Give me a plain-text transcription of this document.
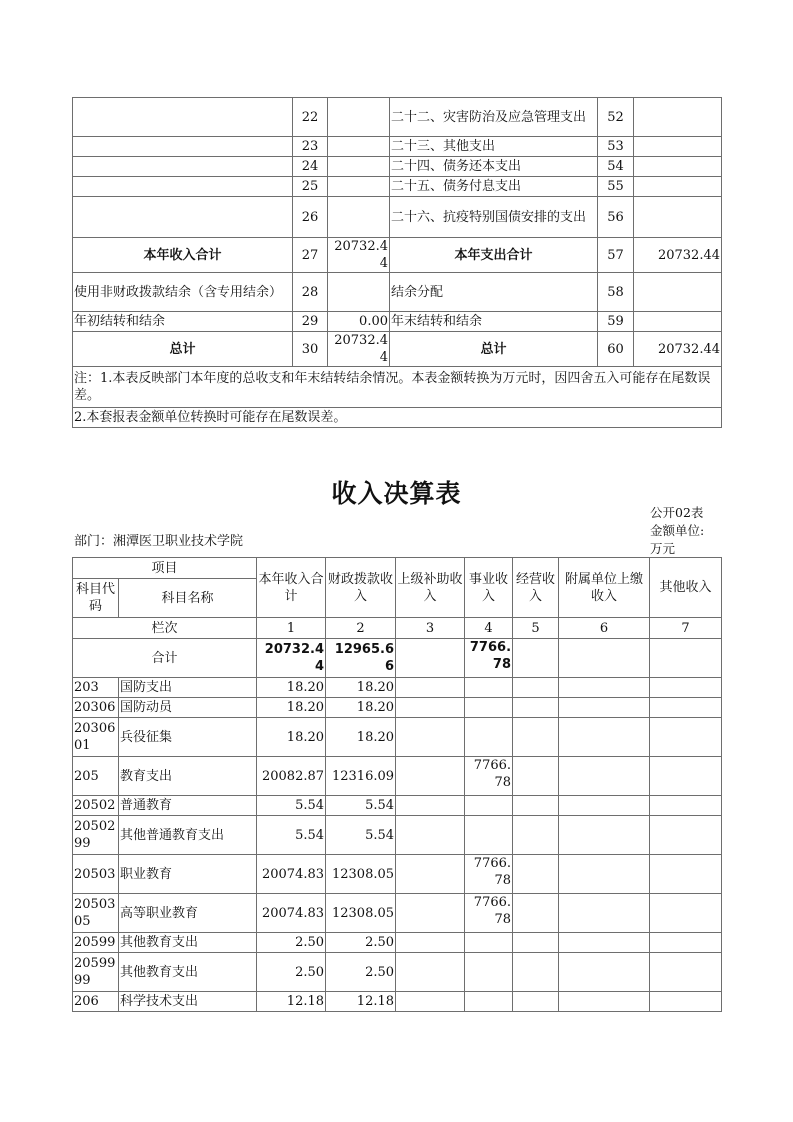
	22		二十二、灾害防治及应急管理支出	52	
	23		二十三、其他支出	53	
	24		二十四、债务还本支出	54	
	25		二十五、债务付息支出	55	
	26		二十六、抗疫特别国债安排的支出	56	
本年收入合计	27	20732.44	本年支出合计	57	20732.44
使用非财政拨款结余（含专用结余）	28		结余分配	58	
年初结转和结余	29	0.00	年末结转和结余	59	
总计	30	20732.44	总计	60	20732.44
注：1.本表反映部门本年度的总收支和年末结转结余情况。本表金额转换为万元时，因四舍五入可能存在尾数误差。					
2.本套报表金额单位转换时可能存在尾数误差。					
收入决算表
公开02表
金额单位:
万元
部门：湘潭医卫职业技术学院
项目		本年收入合计	财政拨款收入	上级补助收入	事业收入	经营收入	附属单位上缴收入	其他收入
科目代码	科目名称							
栏次		1	2	3	4	5	6	7
合计		20732.44	12965.66		7766.78			
203	国防支出	18.20	18.20					
20306	国防动员	18.20	18.20					
2030601	兵役征集	18.20	18.20					
205	教育支出	20082.87	12316.09		7766.78			
20502	普通教育	5.54	5.54					
2050299	其他普通教育支出	5.54	5.54					
20503	职业教育	20074.83	12308.05		7766.78			
2050305	高等职业教育	20074.83	12308.05		7766.78			
20599	其他教育支出	2.50	2.50					
2059999	其他教育支出	2.50	2.50					
206	科学技术支出	12.18	12.18					
